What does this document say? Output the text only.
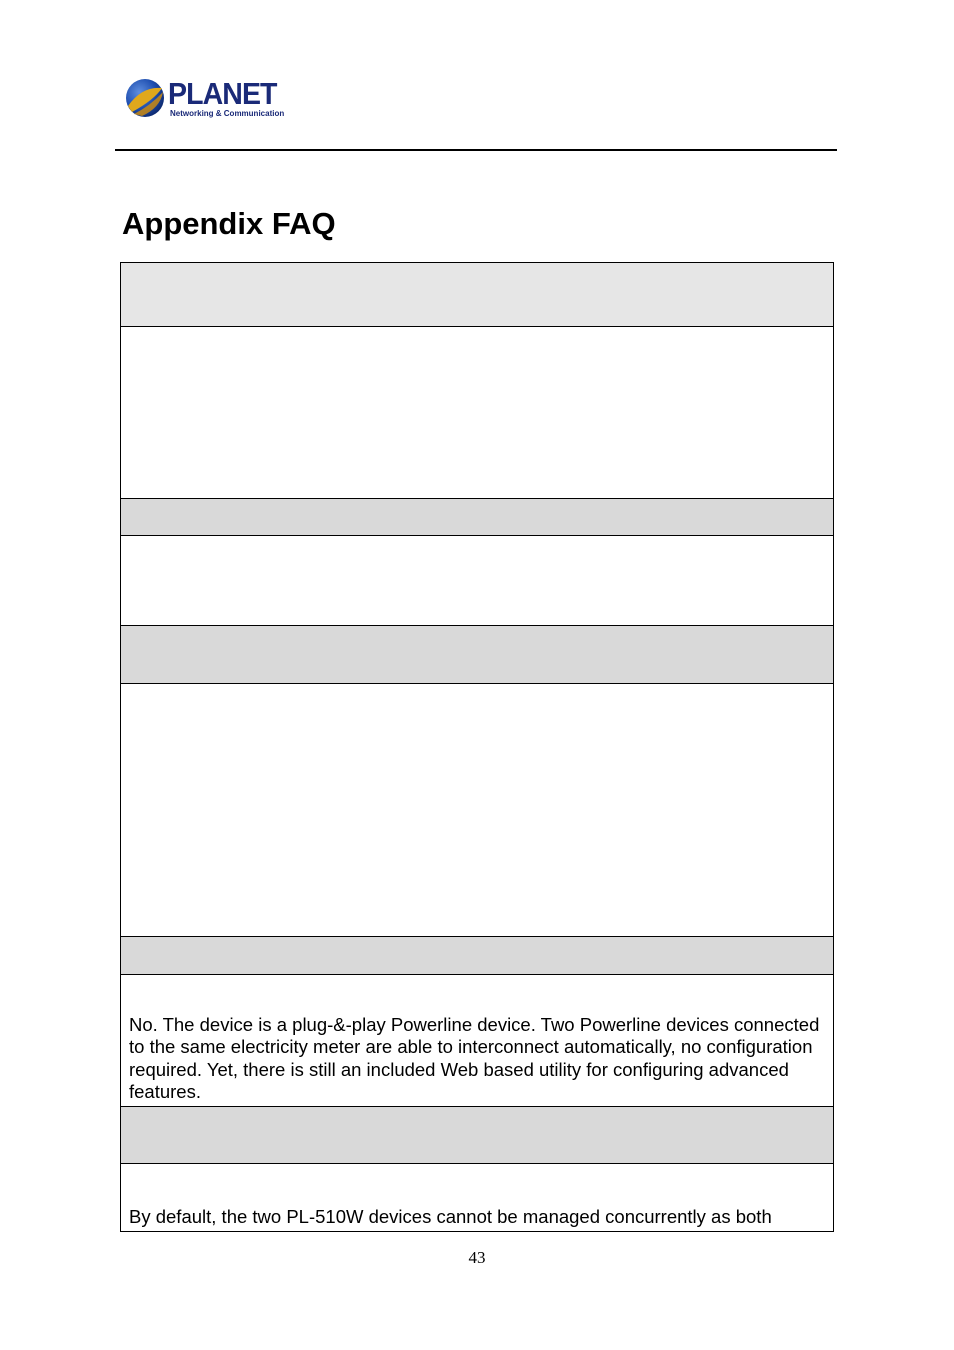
PLANET
Networking & Communication
Appendix FAQ

No. The device is a plug-&-play Powerline device. Two Powerline devices connected to the same electricity meter are able to interconnect automatically, no configuration required. Yet, there is still an included Web based utility for configuring advanced features.

By default, the two PL-510W devices cannot be managed concurrently as both

43
